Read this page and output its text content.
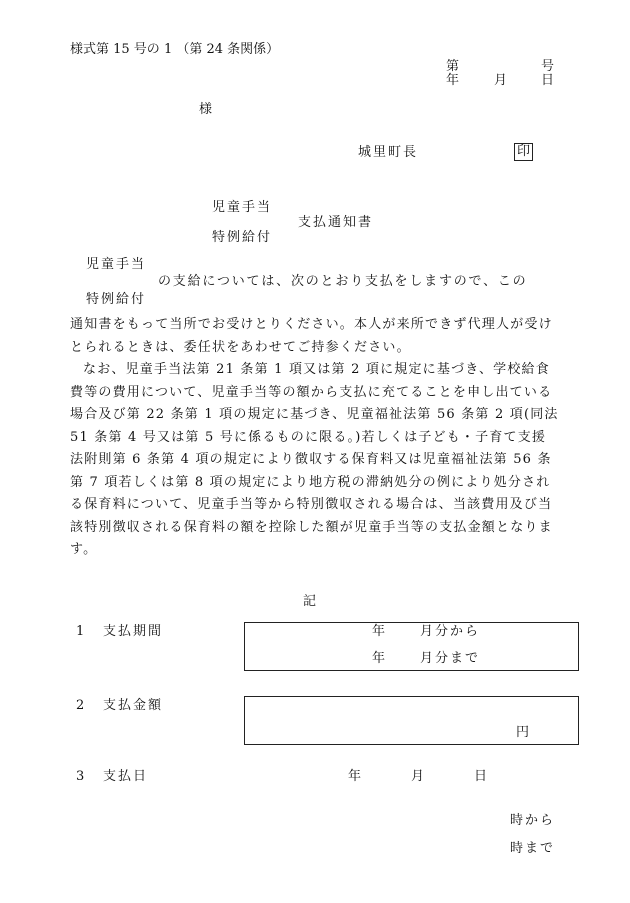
様式第 15 号の 1 （第 24 条関係）
第	号
年	月	日
様
城里町長	印
児童手当
支払通知書
特例給付
児童手当
の支給については、次のとおり支払をしますので、この
特例給付

通知書をもって当所でお受けとりください。本人が来所できず代理人が受けとられるときは、委任状をあわせてご持参ください。

なお、児童手当法第 21 条第 1 項又は第 2 項に規定に基づき、学校給食費等の費用について、児童手当等の額から支払に充てることを申し出ている場合及び第 22 条第 1 項の規定に基づき、児童福祉法第 56 条第 2 項(同法 51 条第 4 号又は第 5 号に係るものに限る。)若しくは子ども・子育て支援法附則第 6 条第 4 項の規定により徴収する保育料又は児童福祉法第 56 条第 7 項若しくは第 8 項の規定により地方税の滞納処分の例により処分される保育料について、児童手当等から特別徴収される場合は、当該費用及び当該特別徴収される保育料の額を控除した額が児童手当等の支払金額となります。

記
1 支払期間	年	月分から
年	月分まで
2 支払金額
円
3 支払日	年	月	日
時から
時まで
